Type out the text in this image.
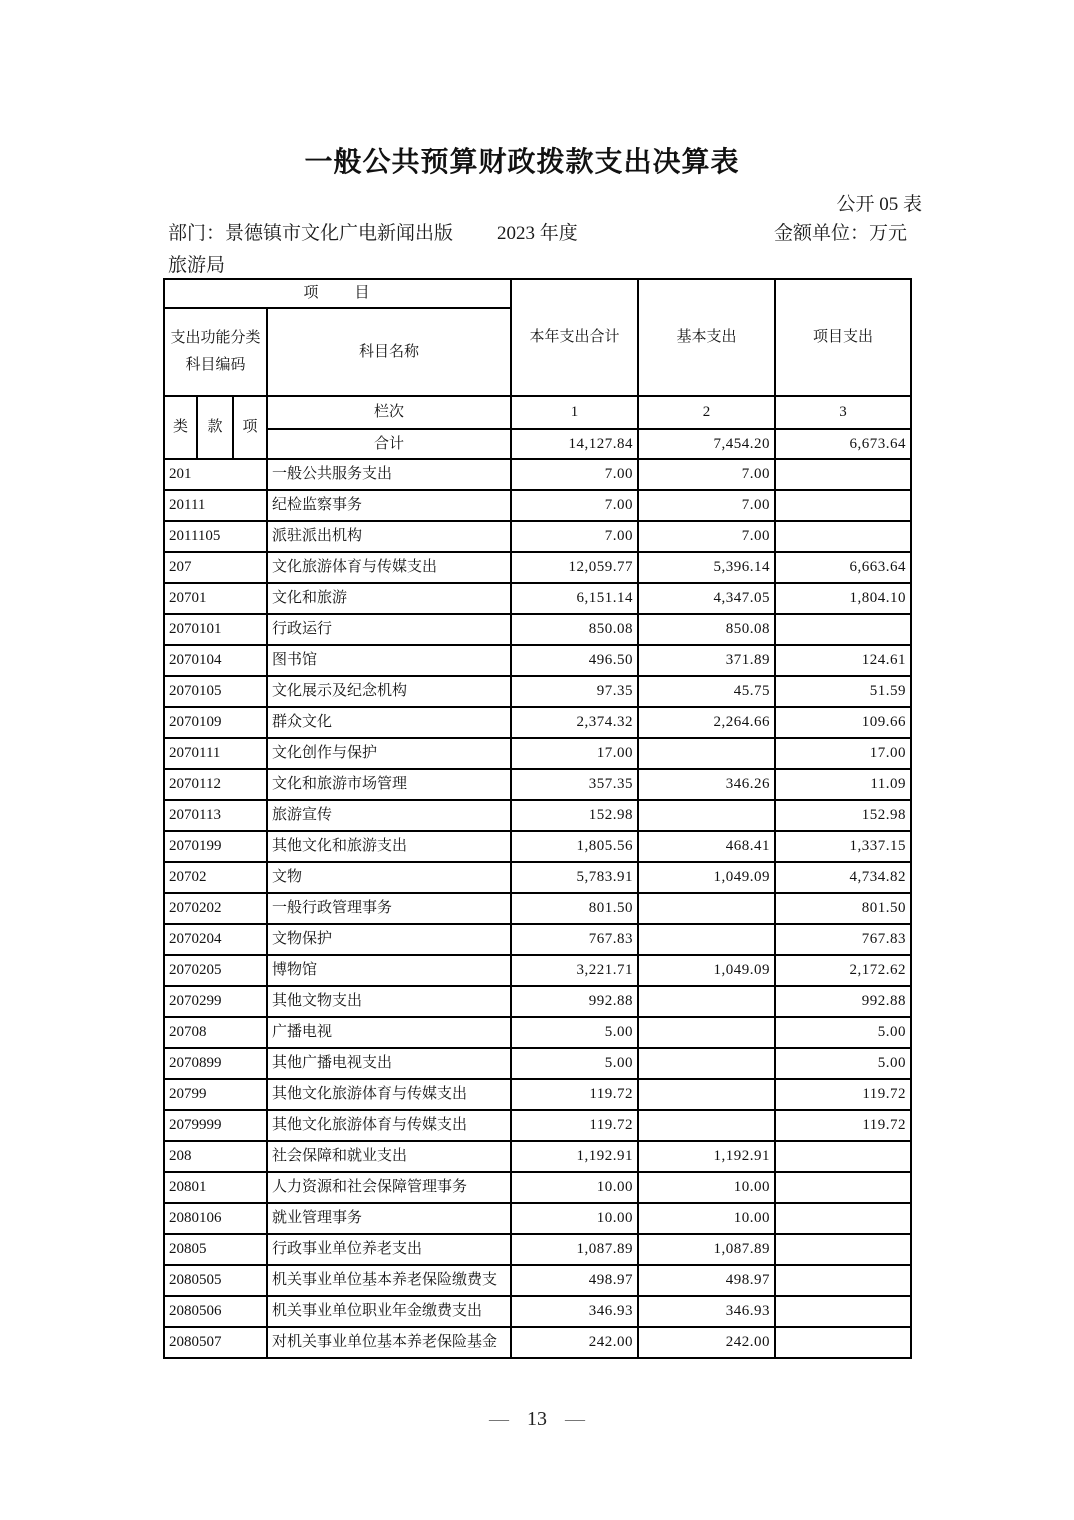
一般公共预算财政拨款支出决算表
公开 05 表
部门：景德镇市文化广电新闻出版 2023 年度	金额单位：万元
旅游局
项　　目				本年支出合计	基本支出	项目支出

支出功能分类
科目编码			科目名称			
类	款	项	栏次	1	2	3
			合计	14,127.84	7,454.20	6,673.64
201			一般公共服务支出	7.00	7.00	
20111			纪检监察事务	7.00	7.00	
2011105			派驻派出机构	7.00	7.00	
207			文化旅游体育与传媒支出	12,059.77	5,396.14	6,663.64
20701			文化和旅游	6,151.14	4,347.05	1,804.10
2070101			行政运行	850.08	850.08	
2070104			图书馆	496.50	371.89	124.61
2070105			文化展示及纪念机构	97.35	45.75	51.59
2070109			群众文化	2,374.32	2,264.66	109.66
2070111			文化创作与保护	17.00		17.00
2070112			文化和旅游市场管理	357.35	346.26	11.09
2070113			旅游宣传	152.98		152.98
2070199			其他文化和旅游支出	1,805.56	468.41	1,337.15
20702			文物	5,783.91	1,049.09	4,734.82
2070202			一般行政管理事务	801.50		801.50
2070204			文物保护	767.83		767.83
2070205			博物馆	3,221.71	1,049.09	2,172.62
2070299			其他文物支出	992.88		992.88
20708			广播电视	5.00		5.00
2070899			其他广播电视支出	5.00		5.00
20799			其他文化旅游体育与传媒支出	119.72		119.72
2079999			其他文化旅游体育与传媒支出	119.72		119.72
208			社会保障和就业支出	1,192.91	1,192.91	
20801			人力资源和社会保障管理事务	10.00	10.00	
2080106			就业管理事务	10.00	10.00	
20805			行政事业单位养老支出	1,087.89	1,087.89	
2080505			机关事业单位基本养老保险缴费支	498.97	498.97	
2080506			机关事业单位职业年金缴费支出	346.93	346.93	
2080507			对机关事业单位基本养老保险基金	242.00	242.00	
— 13 —
